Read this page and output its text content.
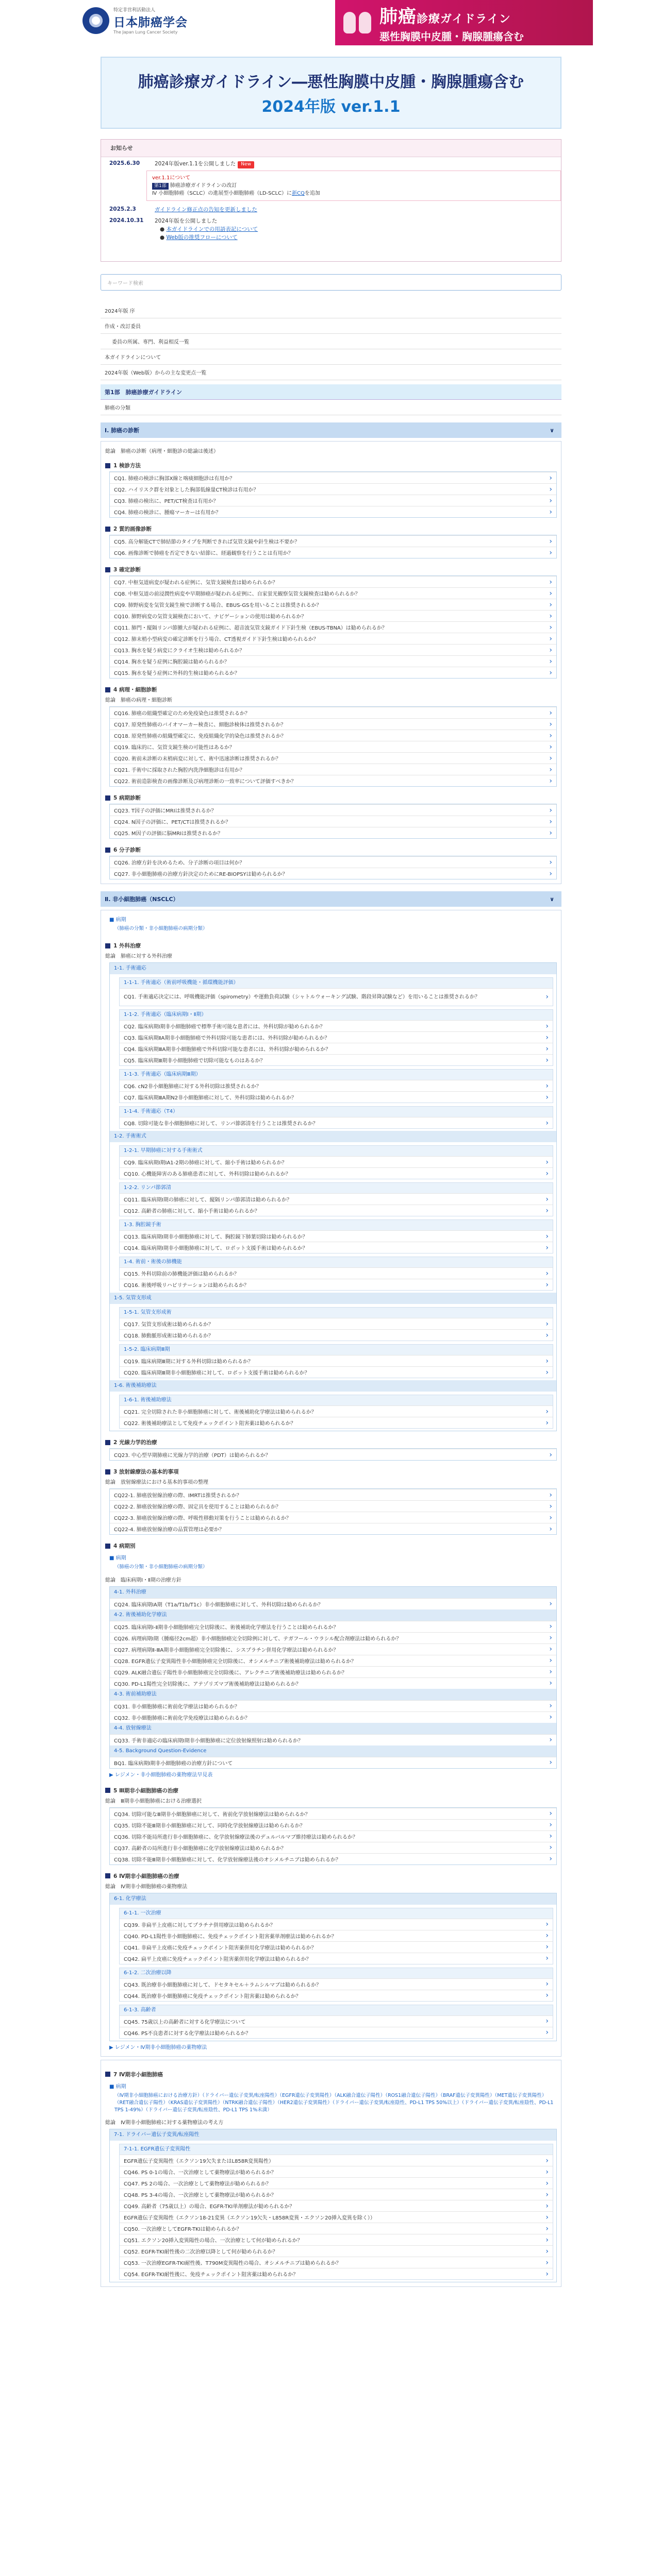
特定非営利活動法人
日本肺癌学会
The Japan Lung Cancer Society
肺癌診療ガイドライン
悪性胸膜中皮腫・胸腺腫瘍含む
肺癌診療ガイドライン―悪性胸膜中皮腫・胸腺腫瘍含む
2024年版 ver.1.1
お知らせ
2025.6.30	2024年版ver.1.1を公開しました New
ver.1.1について
第1部 肺癌診療ガイドラインの改訂
Ⅳ 小細胞肺癌（SCLC）の進展型小細胞肺癌（LD-SCLC）に新CQを追加
2025.2.3	ガイドライン修正点の告知を更新しました
2024.10.31	2024年版を公開しました
● 本ガイドラインでの用語表記について
● Web版の推奨フローについて
キーワード検索
2024年版 序
作成・改訂委員
委員の所属、専門、利益相反一覧
本ガイドラインについて
2024年版（Web版）からの主な変更点一覧
第1部　肺癌診療ガイドライン
肺癌の分類
Ⅰ. 肺癌の診断 ∨
総論　肺癌の診断（病理・細胞診の総論は後述）
1 検診方法
CQ1. 肺癌の検診に胸部X線と喀痰細胞診は有用か？ ›
CQ2. ハイリスク群を対象とした胸部低線量CT検診は有用か？ ›
CQ3. 肺癌の検出に、PET/CT検査は有用か？ ›
CQ4. 肺癌の検診に、腫瘍マーカーは有用か？ ›
2 質的画像診断
CQ5. 高分解能CTで肺結節のタイプを判断できれば気管支鏡や針生検は不要か？ ›
CQ6. 画像診断で肺癌を否定できない結節に、経過観察を行うことは有用か？ ›
3 確定診断
CQ7. 中枢気道病変が疑われる症例に、気管支鏡検査は勧められるか？ ›
CQ8. 中枢気道の前浸潤性病変や早期肺癌が疑われる症例に、自家蛍光観察気管支鏡検査は勧められるか？ ›
CQ9. 肺野病変を気管支鏡生検で診断する場合、EBUS-GSを用いることは推奨されるか？ ›
CQ10. 肺野病変の気管支鏡検査において、ナビゲーションの使用は勧められるか？ ›
CQ11. 肺門・縦隔リンパ節腫大が疑われる症例に、超音波気管支鏡ガイド下針生検（EBUS-TBNA）は勧められるか？ ›
CQ12. 肺末梢小型病変の確定診断を行う場合、CT透視ガイド下針生検は勧められるか？ ›
CQ13. 胸水を疑う病変にクライオ生検は勧められるか？ ›
CQ14. 胸水を疑う症例に胸腔鏡は勧められるか？ ›
CQ15. 胸水を疑う症例に外科的生検は勧められるか？ ›
4 病理・細胞診断
総論　肺癌の病理・細胞診断
CQ16. 肺癌の組織型確定のため免疫染色は推奨されるか？ ›
CQ17. 原発性肺癌のバイオマーカー検査に、細胞診検体は推奨されるか？ ›
CQ18. 原発性肺癌の組織型確定に、免疫組織化学的染色は推奨されるか？ ›
CQ19. 臨床的に、気管支鏡生検の可能性はあるか？ ›
CQ20. 術前未診断の末梢病変に対して、術中迅速診断は推奨されるか？ ›
CQ21. 手術中に採取された胸腔内洗浄細胞診は有用か？ ›
CQ22. 術前造影検査の画像診断及び病理診断の一致率について評価すべきか？ ›
5 病期診断
CQ23. T因子の評価にMRIは推奨されるか？ ›
CQ24. N因子の評価に、PET/CTは推奨されるか？ ›
CQ25. M因子の評価に脳MRIは推奨されるか？ ›
6 分子診断
CQ26. 治療方針を決めるため、分子診断の項目は何か？ ›
CQ27. 非小細胞肺癌の治療方針決定のためにRE-BIOPSYは勧められるか？ ›
Ⅱ. 非小細胞肺癌（NSCLC） ∨
■ 病期
（肺癌の分類・非小細胞肺癌の病期分類）
1 外科治療
総論　肺癌に対する外科治療
1-1. 手術適応
1-1-1. 手術適応（術前呼吸機能・循環機能評価）
CQ1. 手術適応決定には、呼吸機能評価（spirometry）や運動負荷試験（シャトルウォーキング試験、階段昇降試験など）を用いることは推奨されるか？ ›
1-1-2. 手術適応（臨床病期Ⅰ・Ⅱ期）
CQ2. 臨床病期Ⅰ期非小細胞肺癌で標準手術可能な患者には、外科切除が勧められるか？ ›
CQ3. 臨床病期ⅡA期非小細胞肺癌で外科切除可能な患者には、外科切除が勧められるか？ ›
CQ4. 臨床病期ⅢA期非小細胞肺癌で外科切除可能な患者には、外科切除が勧められるか？ ›
CQ5. 臨床病期Ⅲ期非小細胞肺癌で切除可能なものはあるか？ ›
1-1-3. 手術適応（臨床病期Ⅲ期）
CQ6. cN2非小細胞肺癌に対する外科切除は推奨されるか？ ›
CQ7. 臨床病期ⅢA期N2非小細胞肺癌に対して、外科切除は勧められるか？ ›
1-1-4. 手術適応（T4）
CQ8. 切除可能な非小細胞肺癌に対して、リンパ節郭清を行うことは推奨されるか？ ›
1-2. 手術術式
1-2-1. 早期肺癌に対する手術術式
CQ9. 臨床病期Ⅰ期IA1-2期の肺癌に対して、縮小手術は勧められるか？ ›
CQ10. 心機能障害のある肺癌患者に対して、外科切除は勧められるか？ ›
1-2-2. リンパ節郭清
CQ11. 臨床病期Ⅰ期の肺癌に対して、縦隔リンパ節郭清は勧められるか？ ›
CQ12. 高齢者の肺癌に対して、縮小手術は勧められるか？ ›
1-3. 胸腔鏡手術
CQ13. 臨床病期Ⅰ期非小細胞肺癌に対して、胸腔鏡下肺葉切除は勧められるか？ ›
CQ14. 臨床病期Ⅰ期非小細胞肺癌に対して、ロボット支援手術は勧められるか？ ›
1-4. 術前・術後の肺機能
CQ15. 外科切除前の肺機能評価は勧められるか？ ›
CQ16. 術後呼吸リハビリテーションは勧められるか？ ›
1-5. 気管支形成
1-5-1. 気管支形成術
CQ17. 気管支形成術は勧められるか？ ›
CQ18. 肺動脈形成術は勧められるか？ ›
1-5-2. 臨床病期Ⅲ期
CQ19. 臨床病期Ⅲ期に対する外科切除は勧められるか？ ›
CQ20. 臨床病期Ⅲ期非小細胞肺癌に対して、ロボット支援手術は勧められるか？ ›
1-6. 術後補助療法
1-6-1. 術後補助療法
CQ21. 完全切除された非小細胞肺癌に対して、術後補助化学療法は勧められるか？ ›
CQ22. 術後補助療法として免疫チェックポイント阻害薬は勧められるか？ ›
2 光線力学的治療
CQ23. 中心型早期肺癌に光線力学的治療（PDT）は勧められるか？ ›
3 放射線療法の基本的事項
総論　放射線療法における基本的事項の整理
CQ22-1. 肺癌放射線治療の際、IMRTは推奨されるか？ ›
CQ22-2. 肺癌放射線治療の際、固定具を使用することは勧められるか？ ›
CQ22-3. 肺癌放射線治療の際、呼吸性移動対策を行うことは勧められるか？ ›
CQ22-4. 肺癌放射線治療の品質管理は必要か？ ›
4 病期別
■ 病期
（肺癌の分類・非小細胞肺癌の病期分類）
総論　臨床病期Ⅰ・Ⅱ期の治療方針
4-1. 外科治療
CQ24. 臨床病期ⅠA期（T1a/T1b/T1c）非小細胞肺癌に対して、外科切除は勧められるか？ ›
4-2. 術後補助化学療法
CQ25. 臨床病期Ⅰ-Ⅱ期非小細胞肺癌完全切除後に、術後補助化学療法を行うことは勧められるか？ ›
CQ26. 病理病期Ⅰ期（腫瘍径2cm超）非小細胞肺癌完全切除例に対して、テガフール・ウラシル配合剤療法は勧められるか？ ›
CQ27. 病理病期Ⅱ-ⅢA期非小細胞肺癌完全切除後に、シスプラチン併用化学療法は勧められるか？ ›
CQ28. EGFR遺伝子変異陽性非小細胞肺癌完全切除後に、オシメルチニブ術後補助療法は勧められるか？ ›
CQ29. ALK融合遺伝子陽性非小細胞肺癌完全切除後に、アレクチニブ術後補助療法は勧められるか？ ›
CQ30. PD-L1陽性完全切除後に、アテゾリズマブ術後補助療法は勧められるか？ ›
4-3. 術前補助療法
CQ31. 非小細胞肺癌に術前化学療法は勧められるか？ ›
CQ32. 非小細胞肺癌に術前化学免疫療法は勧められるか？ ›
4-4. 放射線療法
CQ33. 手術非適応の臨床病期Ⅰ期非小細胞肺癌に定位放射線照射は勧められるか？ ›
4-5. Background Question-Evidence
BQ1. 臨床病期Ⅰ期非小細胞肺癌の治療方針について ›
▶ レジメン・非小細胞肺癌の薬物療法早見表
5 Ⅲ期非小細胞肺癌の治療
総論　Ⅲ期非小細胞肺癌における治療選択
CQ34. 切除可能なⅢ期非小細胞肺癌に対して、術前化学放射線療法は勧められるか？ ›
CQ35. 切除不能Ⅲ期非小細胞肺癌に対して、同時化学放射線療法は勧められるか？ ›
CQ36. 切除不能局所進行非小細胞肺癌に、化学放射線療法後のデュルバルマブ維持療法は勧められるか？ ›
CQ37. 高齢者の局所進行非小細胞肺癌に化学放射線療法は勧められるか？ ›
CQ38. 切除不能Ⅲ期非小細胞肺癌に対して、化学放射線療法後のオシメルチニブは勧められるか？ ›
6 Ⅳ期非小細胞肺癌の治療
総論　Ⅳ期非小細胞肺癌の薬物療法
6-1. 化学療法
6-1-1. 一次治療
CQ39. 非扁平上皮癌に対してプラチナ併用療法は勧められるか？ ›
CQ40. PD-L1陽性非小細胞肺癌に、免疫チェックポイント阻害薬単剤療法は勧められるか？ ›
CQ41. 非扁平上皮癌に免疫チェックポイント阻害薬併用化学療法は勧められるか？ ›
CQ42. 扁平上皮癌に免疫チェックポイント阻害薬併用化学療法は勧められるか？ ›
6-1-2. 二次治療以降
CQ43. 既治療非小細胞肺癌に対して、ドセタキセル＋ラムシルマブは勧められるか？ ›
CQ44. 既治療非小細胞肺癌に免疫チェックポイント阻害薬は勧められるか？ ›
6-1-3. 高齢者
CQ45. 75歳以上の高齢者に対する化学療法について ›
CQ46. PS不良患者に対する化学療法は勧められるか？ ›
▶ レジメン・Ⅳ期非小細胞肺癌の薬物療法
7 Ⅳ期非小細胞肺癌
■ 病期
（Ⅳ期非小細胞肺癌における治療方針）（ドライバー遺伝子変異/転座陽性）（EGFR遺伝子変異陽性）（ALK融合遺伝子陽性）（ROS1融合遺伝子陽性）（BRAF遺伝子変異陽性）（MET遺伝子変異陽性）（RET融合遺伝子陽性）（KRAS遺伝子変異陽性）（NTRK融合遺伝子陽性）（HER2遺伝子変異陽性）（ドライバー遺伝子変異/転座陰性、PD-L1 TPS 50%以上）（ドライバー遺伝子変異/転座陰性、PD-L1 TPS 1-49%）（ドライバー遺伝子変異/転座陰性、PD-L1 TPS 1%未満）
総論　Ⅳ期非小細胞肺癌に対する薬物療法の考え方
7-1. ドライバー遺伝子変異/転座陽性
7-1-1. EGFR遺伝子変異陽性
EGFR遺伝子変異陽性（エクソン19欠失またはL858R変異陽性） ›
CQ46. PS 0-1の場合、一次治療として薬物療法が勧められるか？ ›
CQ47. PS 2の場合、一次治療として薬物療法が勧められるか？ ›
CQ48. PS 3-4の場合、一次治療として薬物療法が勧められるか？ ›
CQ49. 高齢者（75歳以上）の場合、EGFR-TKI単剤療法が勧められるか？ ›
EGFR遺伝子変異陽性（エクソン18-21変異（エクソン19欠失・L858R変異・エクソン20挿入変異を除く）） ›
CQ50. 一次治療としてEGFR-TKIは勧められるか？ ›
CQ51. エクソン20挿入変異陽性の場合、一次治療として何が勧められるか？ ›
CQ52. EGFR-TKI耐性後の二次治療以降として何が勧められるか？ ›
CQ53. 一次治療EGFR-TKI耐性後、T790M変異陽性の場合、オシメルチニブは勧められるか？ ›
CQ54. EGFR-TKI耐性後に、免疫チェックポイント阻害薬は勧められるか？ ›
